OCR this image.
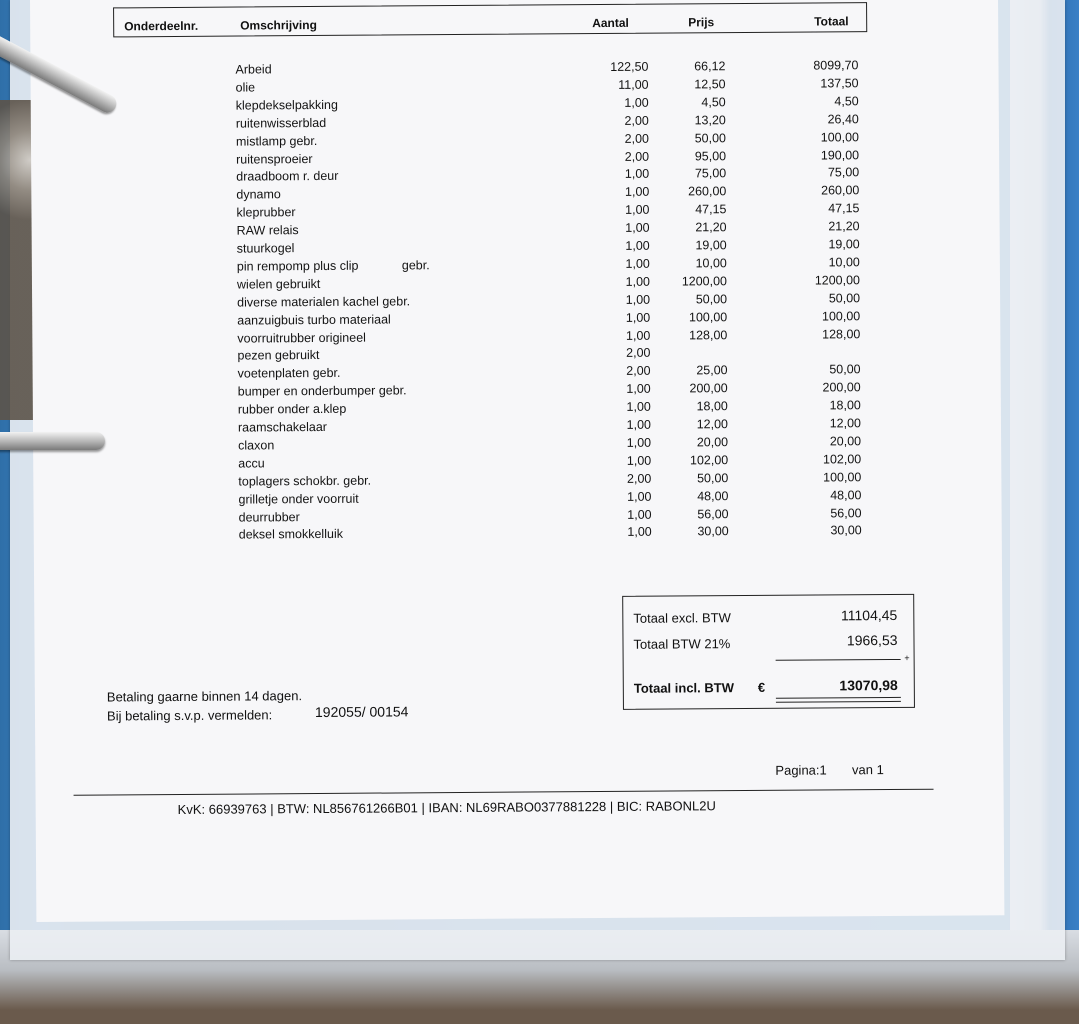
Onderdeelnr.	Omschrijving	Aantal	Prijs	Totaal
Arbeid	122,50	66,12	8099,70
olie	11,00	12,50	137,50
klepdekselpakking	1,00	4,50	4,50
ruitenwisserblad	2,00	13,20	26,40
mistlamp gebr.	2,00	50,00	100,00
ruitensproeier	2,00	95,00	190,00
draadboom r. deur	1,00	75,00	75,00
dynamo	1,00	260,00	260,00
kleprubber	1,00	47,15	47,15
RAW relais	1,00	21,20	21,20
stuurkogel	1,00	19,00	19,00
pin rempomp plus clip	gebr.	1,00	10,00	10,00
wielen gebruikt	1,00	1200,00	1200,00
diverse materialen kachel gebr.	1,00	50,00	50,00
aanzuigbuis turbo materiaal	1,00	100,00	100,00
voorruitrubber origineel	1,00	128,00	128,00
pezen gebruikt	2,00
voetenplaten gebr.	2,00	25,00	50,00
bumper en onderbumper gebr.	1,00	200,00	200,00
rubber onder a.klep	1,00	18,00	18,00
raamschakelaar	1,00	12,00	12,00
claxon	1,00	20,00	20,00
accu	1,00	102,00	102,00
toplagers schokbr. gebr.	2,00	50,00	100,00
grilletje onder voorruit	1,00	48,00	48,00
deurrubber	1,00	56,00	56,00
deksel smokkelluik	1,00	30,00	30,00
Totaal excl. BTW	11104,45
Totaal BTW 21%	1966,53
+
Totaal incl. BTW €	13070,98
Betaling gaarne binnen 14 dagen.
Bij betaling s.v.p. vermelden:	192055/ 00154
Pagina:1 van 1
KvK: 66939763 | BTW: NL856761266B01 | IBAN: NL69RABO0377881228 | BIC: RABONL2U
